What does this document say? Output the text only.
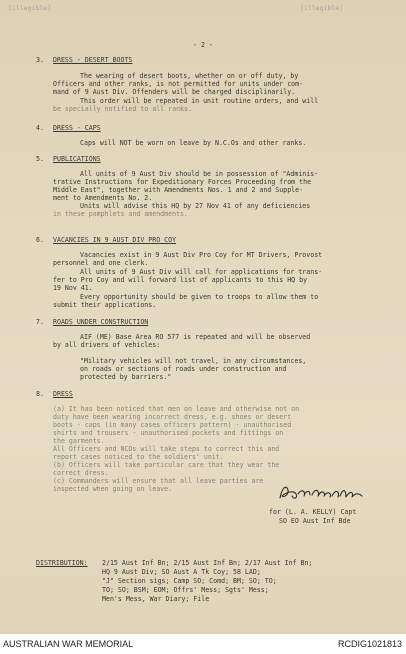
[illegible]	[illegible]
- 2 -
3. DRESS - DESERT BOOTS
The wearing of desert boots, whether on or off duty, by
Officers and other ranks, is not permitted for units under com-
mand of 9 Aust Div. Offenders will be charged disciplinarily.
This order will be repeated in unit routine orders, and will
be specially notified to all ranks.
4. DRESS - CAPS
Caps will NOT be worn on leave by N.C.Os and other ranks.
5. PUBLICATIONS
All units of 9 Aust Div should be in possession of "Adminis-
trative Instructions for Expeditionary Forces Proceeding from the
Middle East", together with Amendments Nos. 1 and 2 and Supple-
ment to Amendments No. 2.
Units will advise this HQ by 27 Nov 41 of any deficiencies
in these pamphlets and amendments.
6. VACANCIES IN 9 AUST DIV PRO COY
Vacancies exist in 9 Aust Div Pro Coy for MT Drivers, Provost
personnel and one clerk.
All units of 9 Aust Div will call for applications for trans-
fer to Pro Coy and will forward list of applicants to this HQ by
19 Nov 41.
Every opportunity should be given to troops to allow them to
submit their applications.
7. ROADS UNDER CONSTRUCTION
AIF (ME) Base Area RO 577 is repeated and will be observed
by all drivers of vehicles:
"Military vehicles will not travel, in any circumstances,
on roads or sections of roads under construction and
protected by barriers."
8. DRESS
(a) It has been noticed that men on leave and otherwise not on
duty have been wearing incorrect dress, e.g. shoes or desert
boots - caps (in many cases officers pattern) - unauthorised
shirts and trousers - unauthorised pockets and fittings on
the garments.
All Officers and NCOs will take steps to correct this and
report cases noticed to the soldiers' unit.
(b) Officers will take particular care that they wear the
correct dress.
(c) Commanders will ensure that all leave parties are
inspected when going on leave.
for (L. A. KELLY) Capt
SO EO Aust Inf Bde
DISTRIBUTION: 2/15 Aust Inf Bn; 2/15 Aust Inf Bn; 2/17 Aust Inf Bn;
HQ 9 Aust Div; SO Aust A Tk Coy; 58 LAD;
"J" Section sigs; Camp SO; Comd; BM; SO; TO;
TO; SO; BSM; EOM; Offrs' Mess; Sgts' Mess;
Men's Mess, War Diary; File
AUSTRALIAN WAR MEMORIAL	RCDIG1021813
